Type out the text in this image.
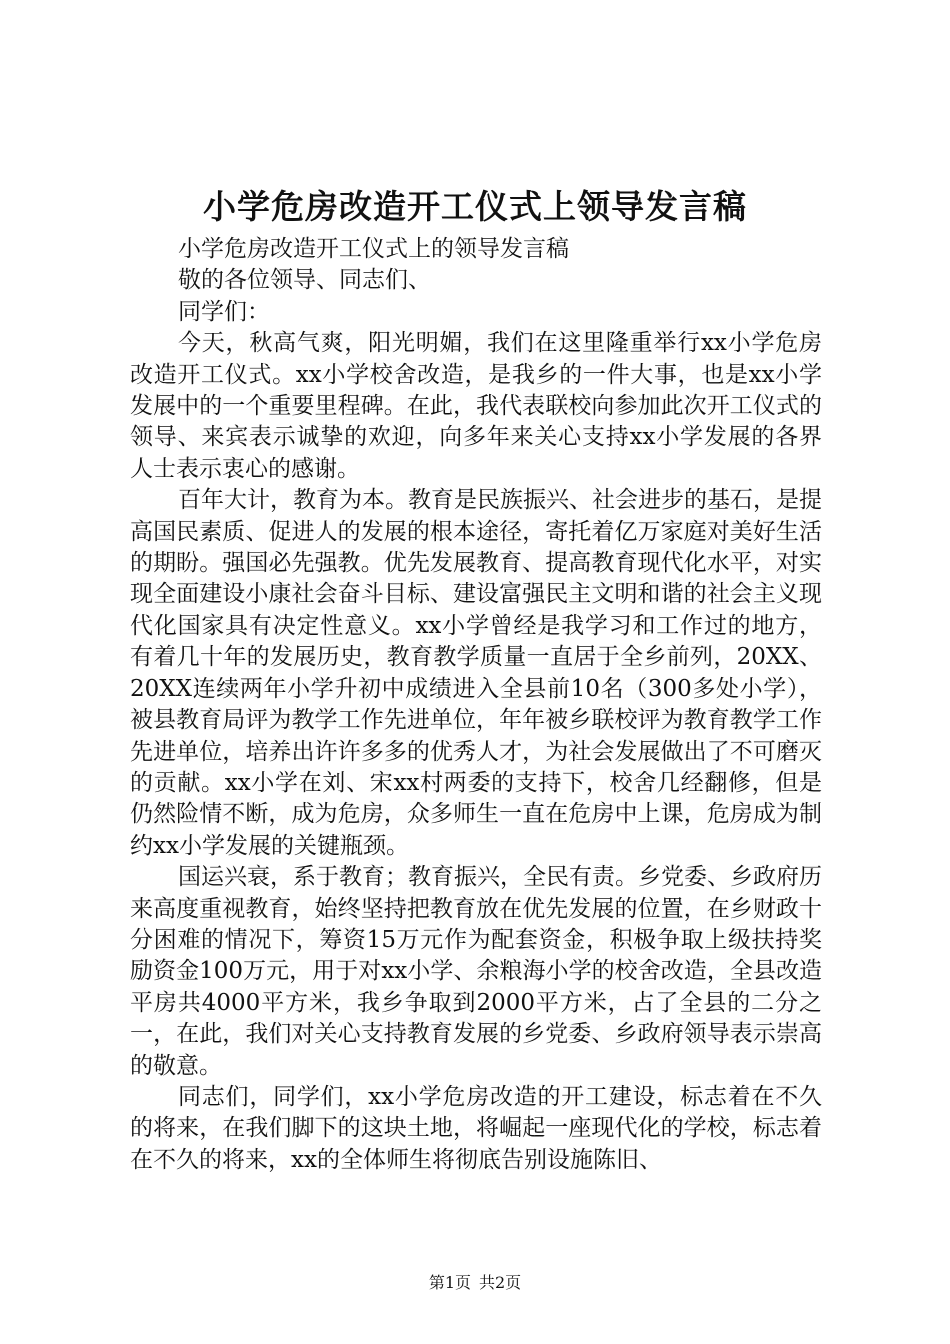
小学危房改造开工仪式上领导发言稿

小学危房改造开工仪式上的领导发言稿

敬的各位领导、同志们、

同学们：

今天，秋高气爽，阳光明媚，我们在这里隆重举行xx小学危房改造开工仪式。xx小学校舍改造，是我乡的一件大事，也是xx小学发展中的一个重要里程碑。在此，我代表联校向参加此次开工仪式的领导、来宾表示诚挚的欢迎，向多年来关心支持xx小学发展的各界人士表示衷心的感谢。

百年大计，教育为本。教育是民族振兴、社会进步的基石，是提高国民素质、促进人的发展的根本途径，寄托着亿万家庭对美好生活的期盼。强国必先强教。优先发展教育、提高教育现代化水平，对实现全面建设小康社会奋斗目标、建设富强民主文明和谐的社会主义现代化国家具有决定性意义。xx小学曾经是我学习和工作过的地方，有着几十年的发展历史，教育教学质量一直居于全乡前列，20XX、20XX连续两年小学升初中成绩进入全县前10名（300多处小学），被县教育局评为教学工作先进单位，年年被乡联校评为教育教学工作先进单位，培养出许许多多的优秀人才，为社会发展做出了不可磨灭的贡献。xx小学在刘、宋xx村两委的支持下，校舍几经翻修，但是仍然险情不断，成为危房，众多师生一直在危房中上课，危房成为制约xx小学发展的关键瓶颈。

国运兴衰，系于教育；教育振兴，全民有责。乡党委、乡政府历来高度重视教育，始终坚持把教育放在优先发展的位置，在乡财政十分困难的情况下，筹资15万元作为配套资金，积极争取上级扶持奖励资金100万元，用于对xx小学、余粮海小学的校舍改造，全县改造平房共4000平方米，我乡争取到2000平方米，占了全县的二分之一，在此，我们对关心支持教育发展的乡党委、乡政府领导表示崇高的敬意。

同志们，同学们，xx小学危房改造的开工建设，标志着在不久的将来，在我们脚下的这块土地，将崛起一座现代化的学校，标志着在不久的将来，xx的全体师生将彻底告别设施陈旧、

第1页 共2页
